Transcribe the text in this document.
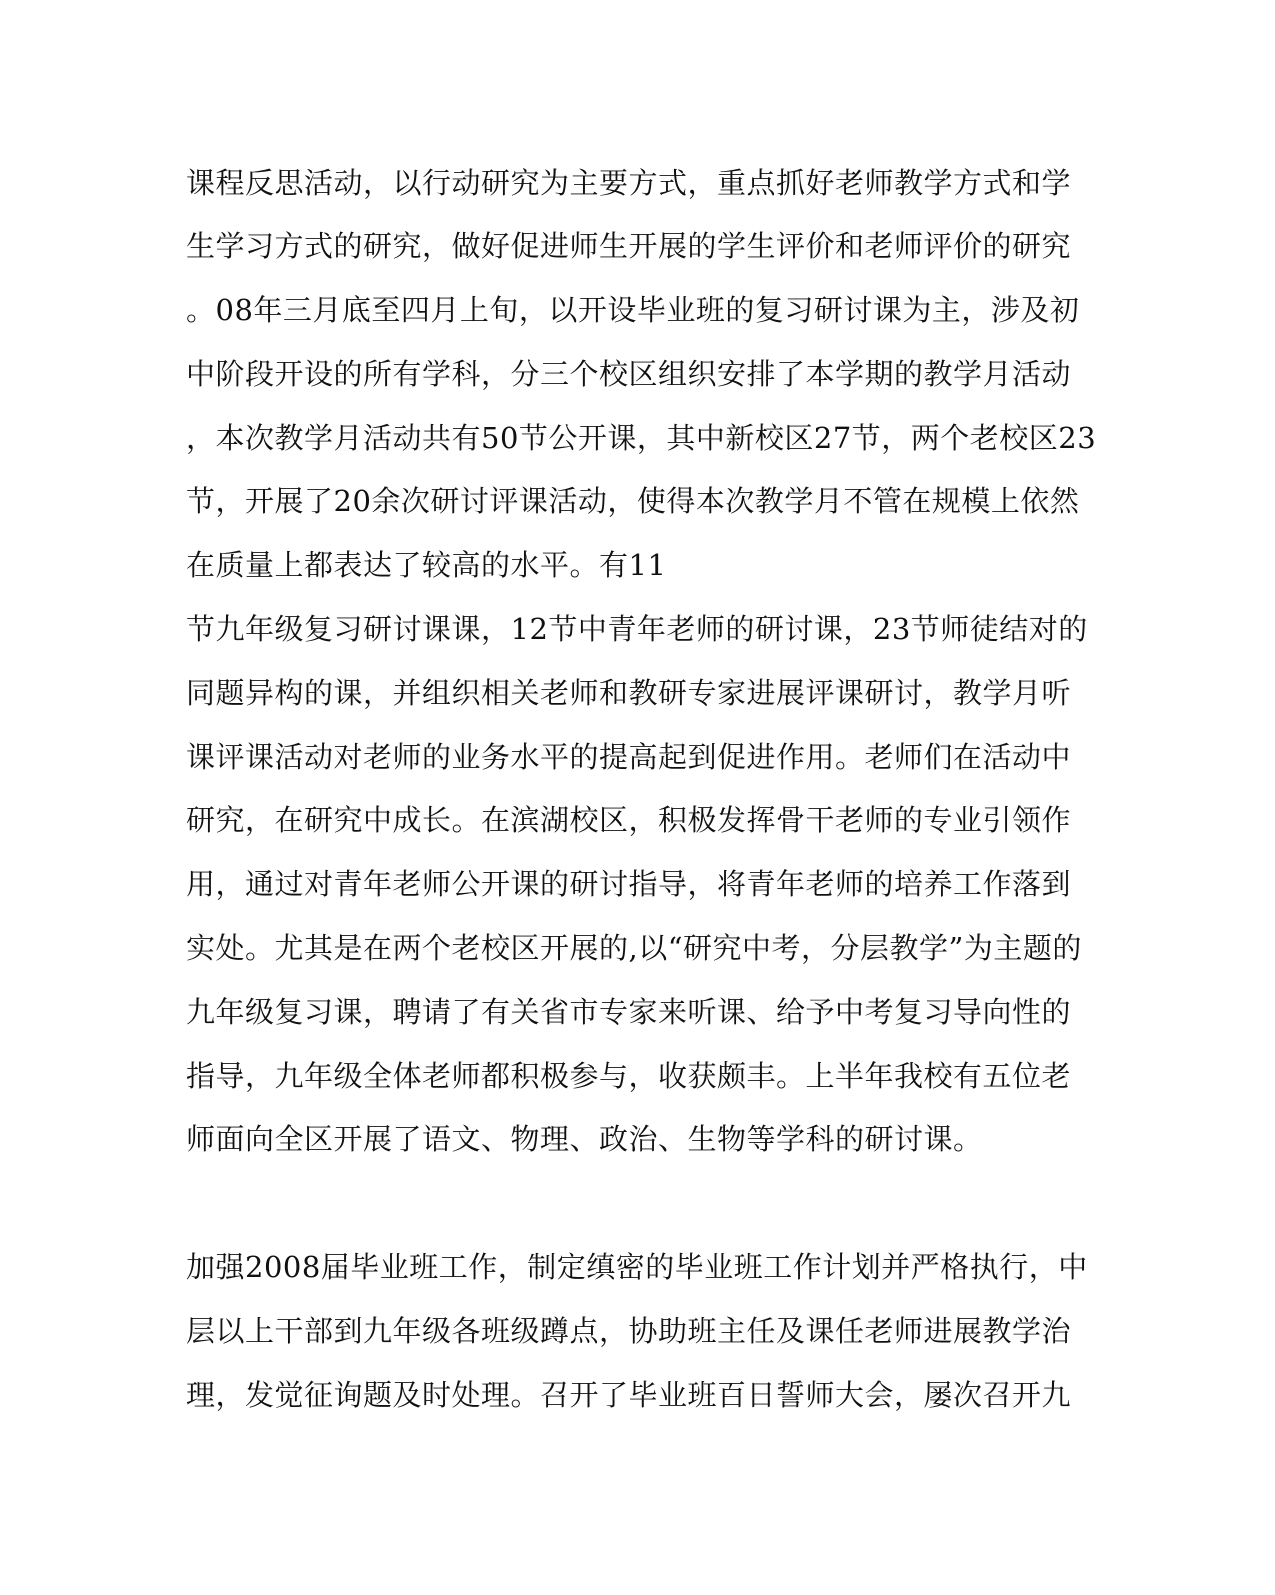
课程反思活动，以行动研究为主要方式，重点抓好老师教学方式和学
生学习方式的研究，做好促进师生开展的学生评价和老师评价的研究
。08年三月底至四月上旬，以开设毕业班的复习研讨课为主，涉及初
中阶段开设的所有学科，分三个校区组织安排了本学期的教学月活动
，本次教学月活动共有50节公开课，其中新校区27节，两个老校区23
节，开展了20余次研讨评课活动，使得本次教学月不管在规模上依然
在质量上都表达了较高的水平。有11
节九年级复习研讨课课，12节中青年老师的研讨课，23节师徒结对的
同题异构的课，并组织相关老师和教研专家进展评课研讨，教学月听
课评课活动对老师的业务水平的提高起到促进作用。老师们在活动中
研究，在研究中成长。在滨湖校区，积极发挥骨干老师的专业引领作
用，通过对青年老师公开课的研讨指导，将青年老师的培养工作落到
实处。尤其是在两个老校区开展的,以“研究中考，分层教学”为主题的
九年级复习课，聘请了有关省市专家来听课、给予中考复习导向性的
指导，九年级全体老师都积极参与，收获颇丰。上半年我校有五位老
师面向全区开展了语文、物理、政治、生物等学科的研讨课。
加强2008届毕业班工作，制定缜密的毕业班工作计划并严格执行，中
层以上干部到九年级各班级蹲点，协助班主任及课任老师进展教学治
理，发觉征询题及时处理。召开了毕业班百日誓师大会，屡次召开九
